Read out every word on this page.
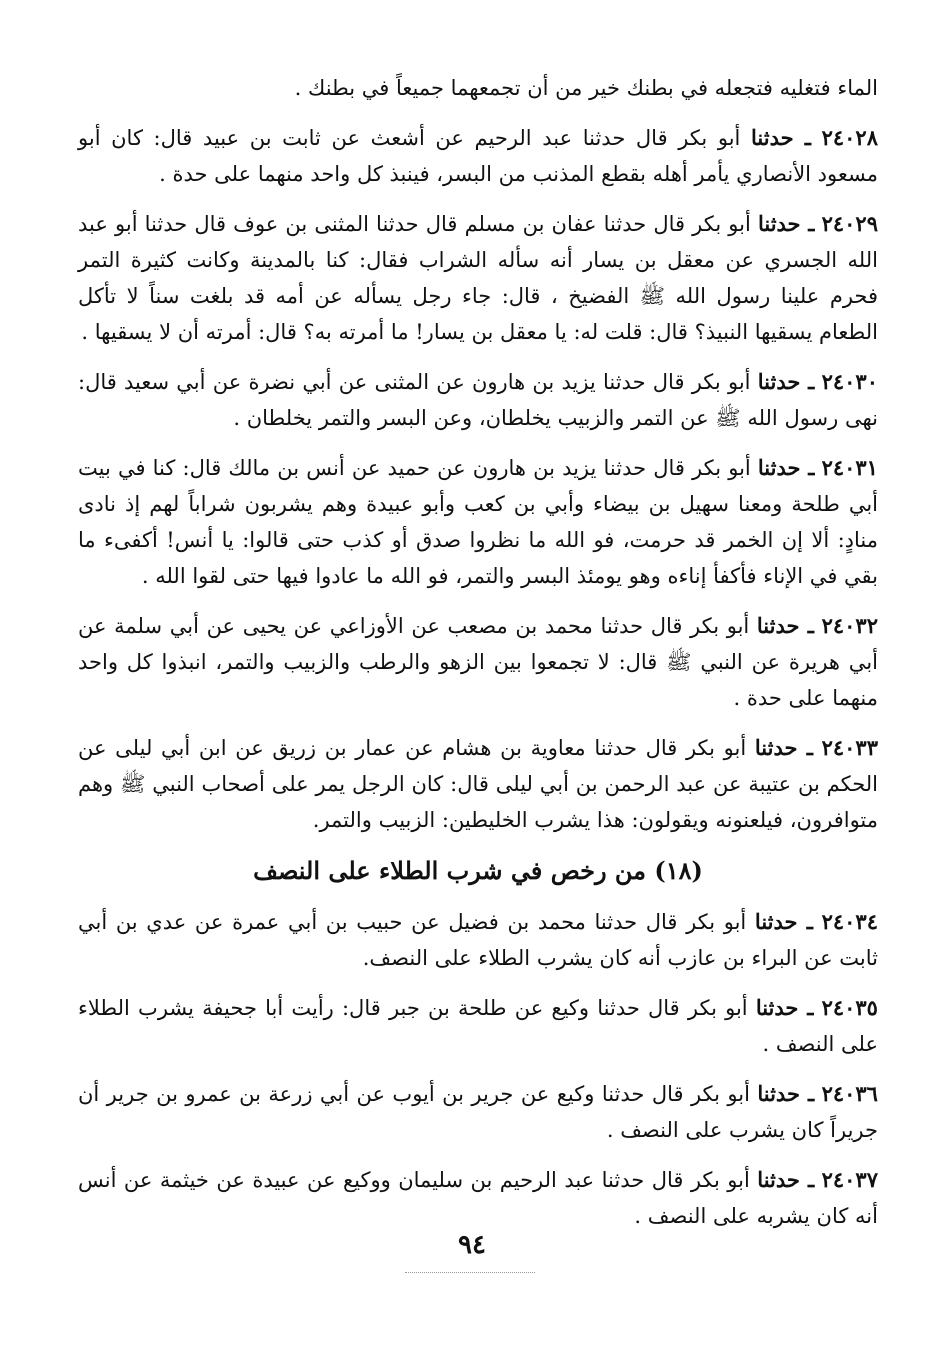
الماء فتغليه فتجعله في بطنك خير من أن تجمعهما جميعاً في بطنك .

٢٤٠٢٨ ـ حدثنا أبو بكر قال حدثنا عبد الرحيم عن أشعث عن ثابت بن عبيد قال: كان أبو مسعود الأنصاري يأمر أهله بقطع المذنب من البسر، فينبذ كل واحد منهما على حدة .

٢٤٠٢٩ ـ حدثنا أبو بكر قال حدثنا عفان بن مسلم قال حدثنا المثنى بن عوف قال حدثنا أبو عبد الله الجسري عن معقل بن يسار أنه سأله الشراب فقال: كنا بالمدينة وكانت كثيرة التمر فحرم علينا رسول الله ﷺ الفضيخ ، قال: جاء رجل يسأله عن أمه قد بلغت سناً لا تأكل الطعام يسقيها النبيذ؟ قال: قلت له: يا معقل بن يسار! ما أمرته به؟ قال: أمرته أن لا يسقيها .

٢٤٠٣٠ ـ حدثنا أبو بكر قال حدثنا يزيد بن هارون عن المثنى عن أبي نضرة عن أبي سعيد قال: نهى رسول الله ﷺ عن التمر والزبيب يخلطان، وعن البسر والتمر يخلطان .

٢٤٠٣١ ـ حدثنا أبو بكر قال حدثنا يزيد بن هارون عن حميد عن أنس بن مالك قال: كنا في بيت أبي طلحة ومعنا سهيل بن بيضاء وأبي بن كعب وأبو عبيدة وهم يشربون شراباً لهم إذ نادى منادٍ: ألا إن الخمر قد حرمت، فو الله ما نظروا صدق أو كذب حتى قالوا: يا أنس! أكفىء ما بقي في الإناء فأكفأ إناءه وهو يومئذ البسر والتمر، فو الله ما عادوا فيها حتى لقوا الله .

٢٤٠٣٢ ـ حدثنا أبو بكر قال حدثنا محمد بن مصعب عن الأوزاعي عن يحيى عن أبي سلمة عن أبي هريرة عن النبي ﷺ قال: لا تجمعوا بين الزهو والرطب والزبيب والتمر، انبذوا كل واحد منهما على حدة .

٢٤٠٣٣ ـ حدثنا أبو بكر قال حدثنا معاوية بن هشام عن عمار بن زريق عن ابن أبي ليلى عن الحكم بن عتيبة عن عبد الرحمن بن أبي ليلى قال: كان الرجل يمر على أصحاب النبي ﷺ وهم متوافرون، فيلعنونه ويقولون: هذا يشرب الخليطين: الزبيب والتمر.

(١٨) من رخص في شرب الطلاء على النصف

٢٤٠٣٤ ـ حدثنا أبو بكر قال حدثنا محمد بن فضيل عن حبيب بن أبي عمرة عن عدي بن أبي ثابت عن البراء بن عازب أنه كان يشرب الطلاء على النصف.

٢٤٠٣٥ ـ حدثنا أبو بكر قال حدثنا وكيع عن طلحة بن جبر قال: رأيت أبا جحيفة يشرب الطلاء على النصف .

٢٤٠٣٦ ـ حدثنا أبو بكر قال حدثنا وكيع عن جرير بن أيوب عن أبي زرعة بن عمرو بن جرير أن جريراً كان يشرب على النصف .

٢٤٠٣٧ ـ حدثنا أبو بكر قال حدثنا عبد الرحيم بن سليمان ووكيع عن عبيدة عن خيثمة عن أنس أنه كان يشربه على النصف .

٩٤
